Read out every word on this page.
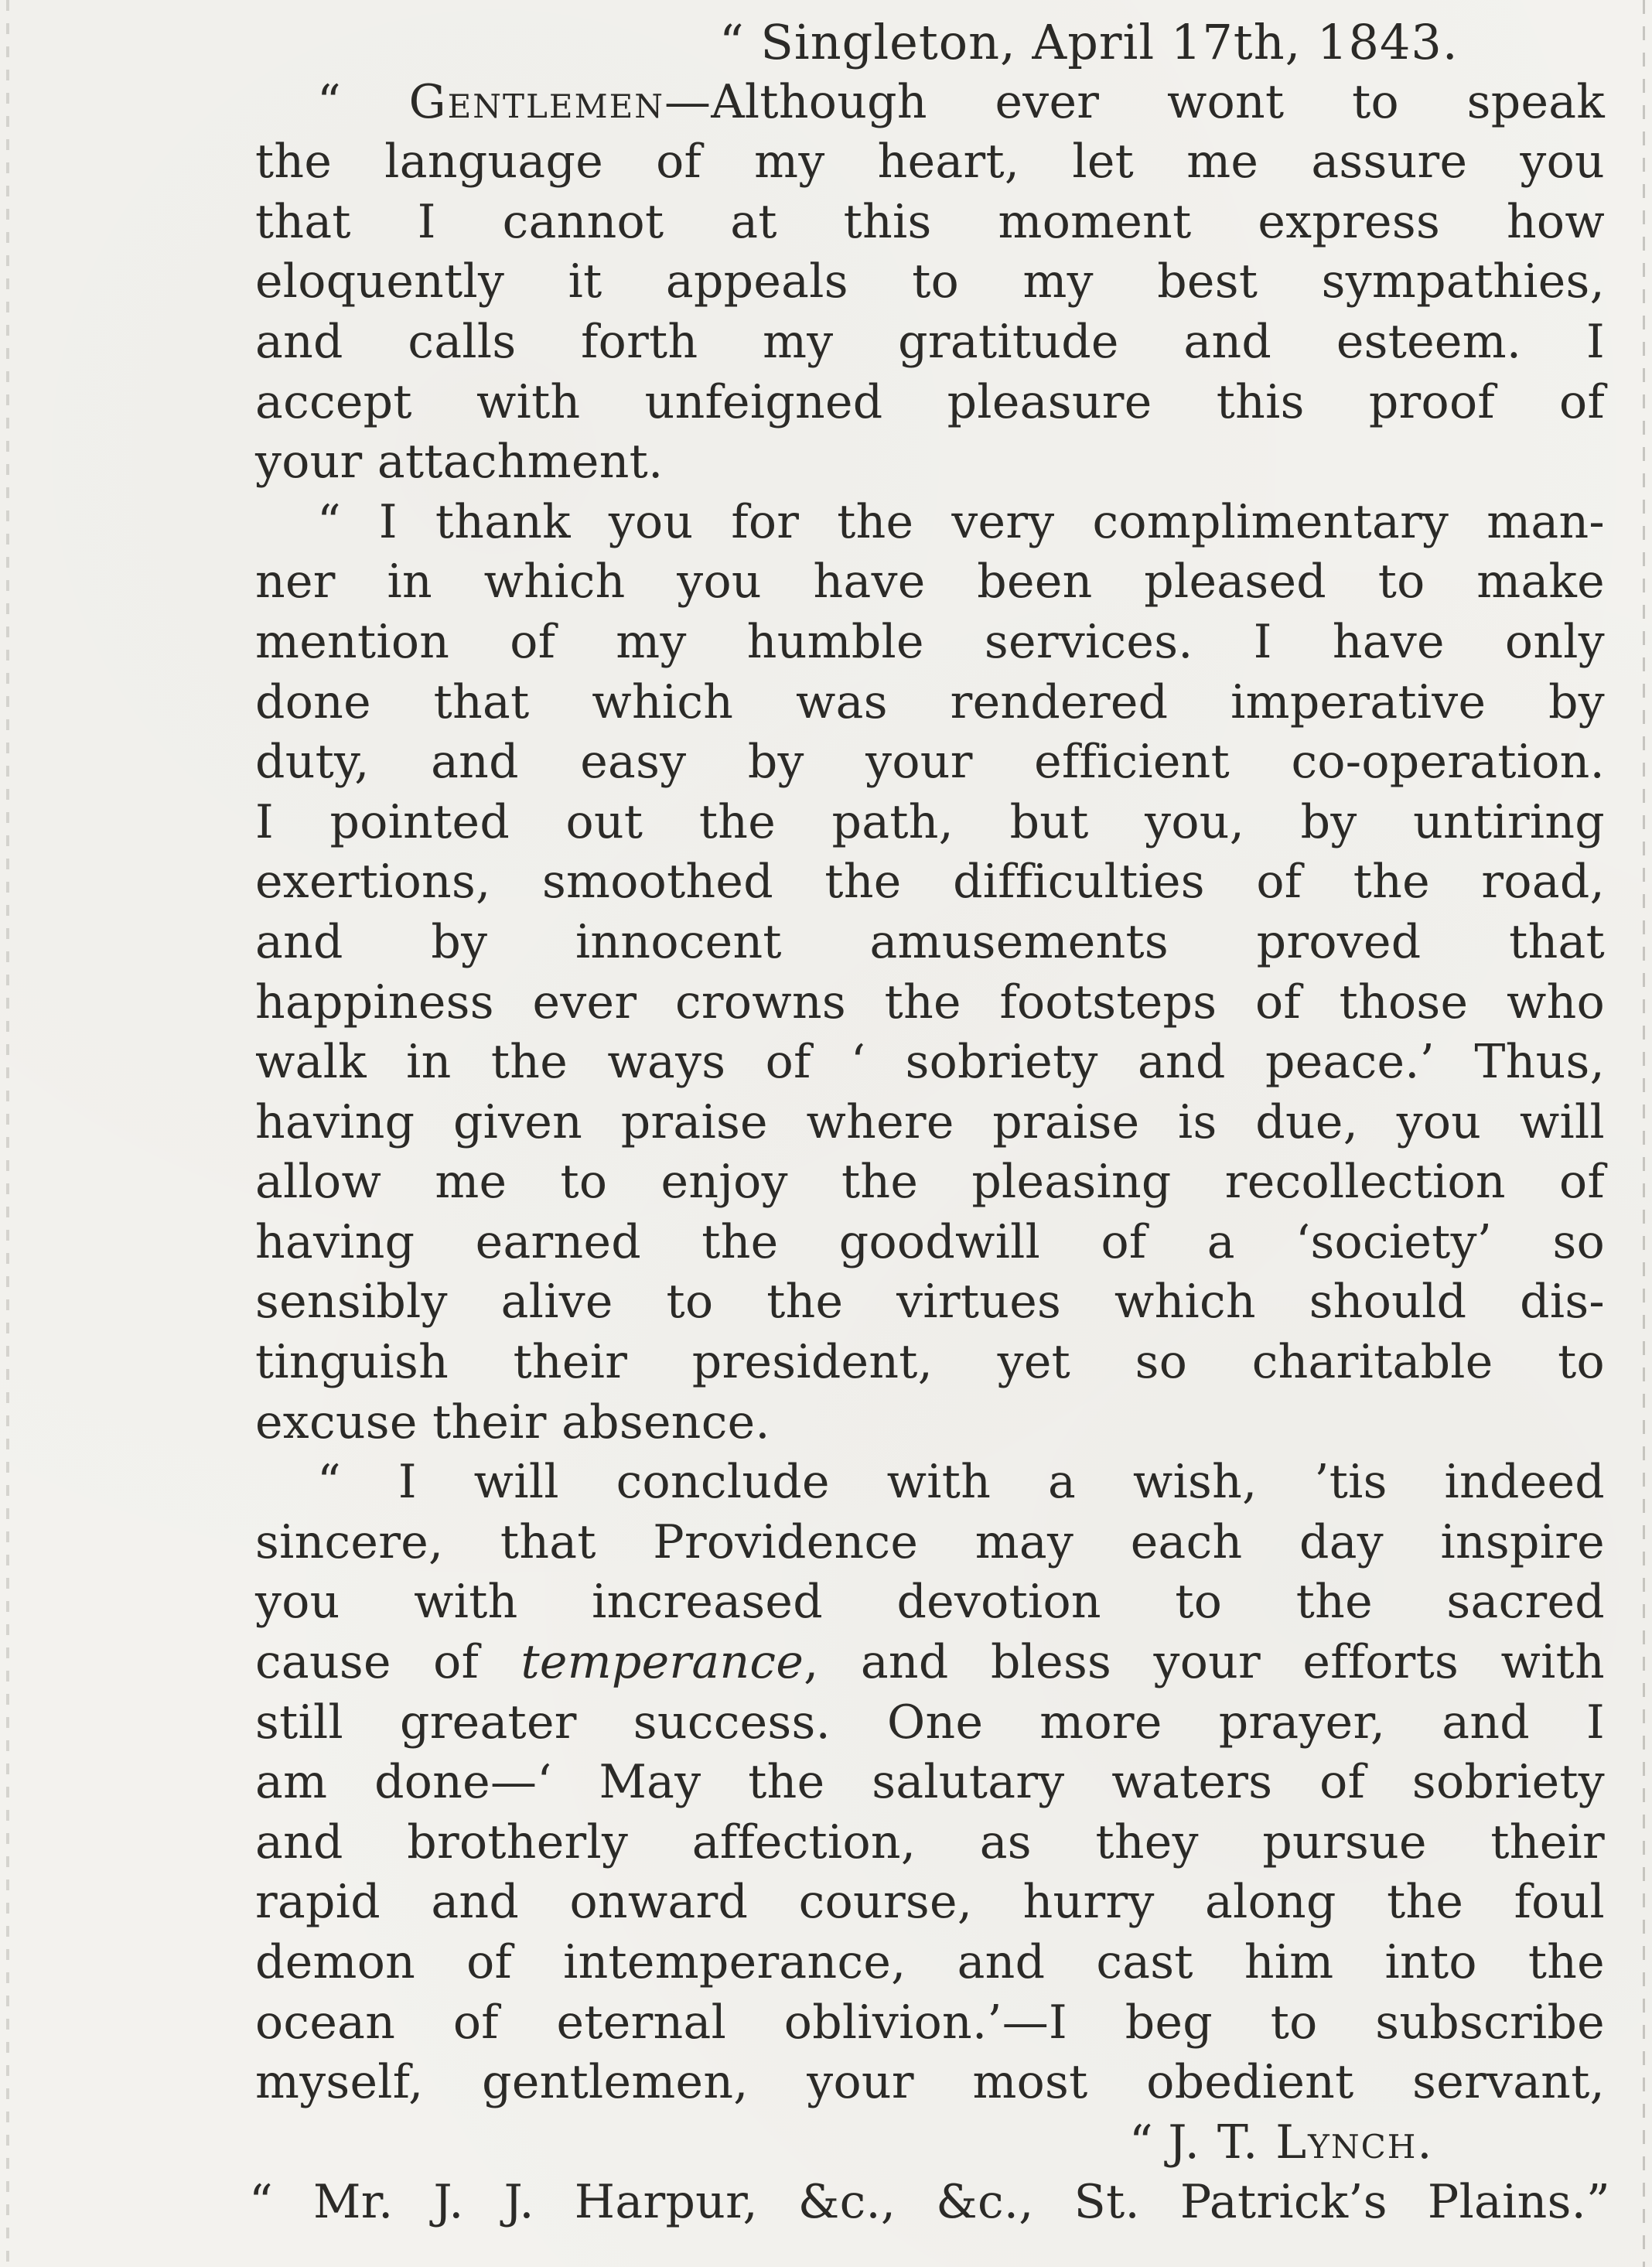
“ Singleton, April 17th, 1843.
“ Gentlemen—Although ever wont to speak
the language of my heart, let me assure you
that I cannot at this moment express how
eloquently it appeals to my best sympathies,
and calls forth my gratitude and esteem. I
accept with unfeigned pleasure this proof of
your attachment.
“ I thank you for the very complimentary man-
ner in which you have been pleased to make
mention of my humble services. I have only
done that which was rendered imperative by
duty, and easy by your efficient co-operation.
I pointed out the path, but you, by untiring
exertions, smoothed the difficulties of the road,
and by innocent amusements proved that
happiness ever crowns the footsteps of those who
walk in the ways of ‘ sobriety and peace.’ Thus,
having given praise where praise is due, you will
allow me to enjoy the pleasing recollection of
having earned the goodwill of a ‘society’ so
sensibly alive to the virtues which should dis-
tinguish their president, yet so charitable to
excuse their absence.
“ I will conclude with a wish, ’tis indeed
sincere, that Providence may each day inspire
you with increased devotion to the sacred
cause of temperance, and bless your efforts with
still greater success. One more prayer, and I
am done—‘ May the salutary waters of sobriety
and brotherly affection, as they pursue their
rapid and onward course, hurry along the foul
demon of intemperance, and cast him into the
ocean of eternal oblivion.’—I beg to subscribe
myself, gentlemen, your most obedient servant,
“ J. T. Lynch.
“ Mr. J. J. Harpur, &c., &c., St. Patrick’s Plains.”
